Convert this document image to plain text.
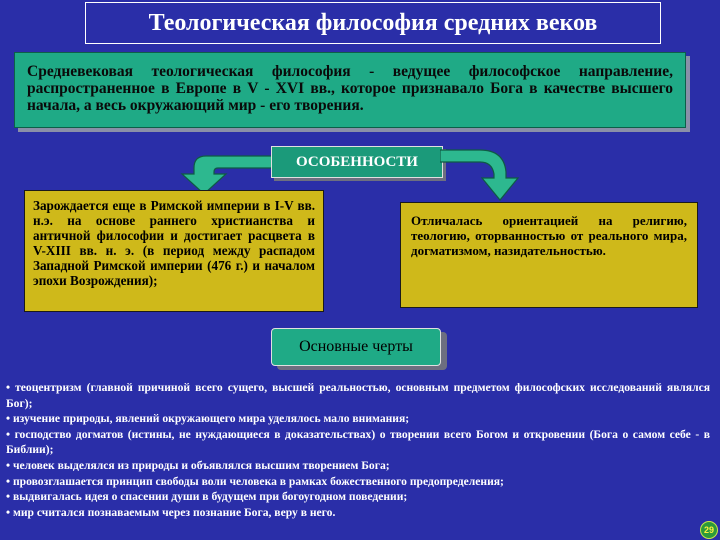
Теологическая философия средних веков
Средневековая теологическая философия - ведущее философское направление, распространенное в Европе в V - XVI вв., которое признавало Бога в качестве высшего начала, а весь окружающий мир - его творения.
ОСОБЕННОСТИ
Зарождается еще в Римской империи в I-V вв. н.э. на основе раннего христианства и античной философии и достигает расцвета в V-XIII вв. н. э. (в период между распадом Западной Римской империи (476 г.) и началом эпохи Возрождения);
Отличалась ориентацией на религию, теологию, оторванностью от реального мира, догматизмом, назидательностью.
Основные черты
• теоцентризм (главной причиной всего сущего, высшей реальностью, основным предметом философских исследований являлся Бог);
• изучение природы, явлений окружающего мира уделялось мало внимания;
• господство догматов (истины, не нуждающиеся в доказательствах) о творении всего Богом и откровении (Бога о самом себе - в Библии);
• человек выделялся из природы и объявлялся высшим творением Бога;
• провозглашается принцип свободы воли человека в рамках божественного предопределения;
• выдвигалась идея о спасении души в будущем при богоугодном поведении;
• мир считался познаваемым через познание Бога, веру в него.
29
